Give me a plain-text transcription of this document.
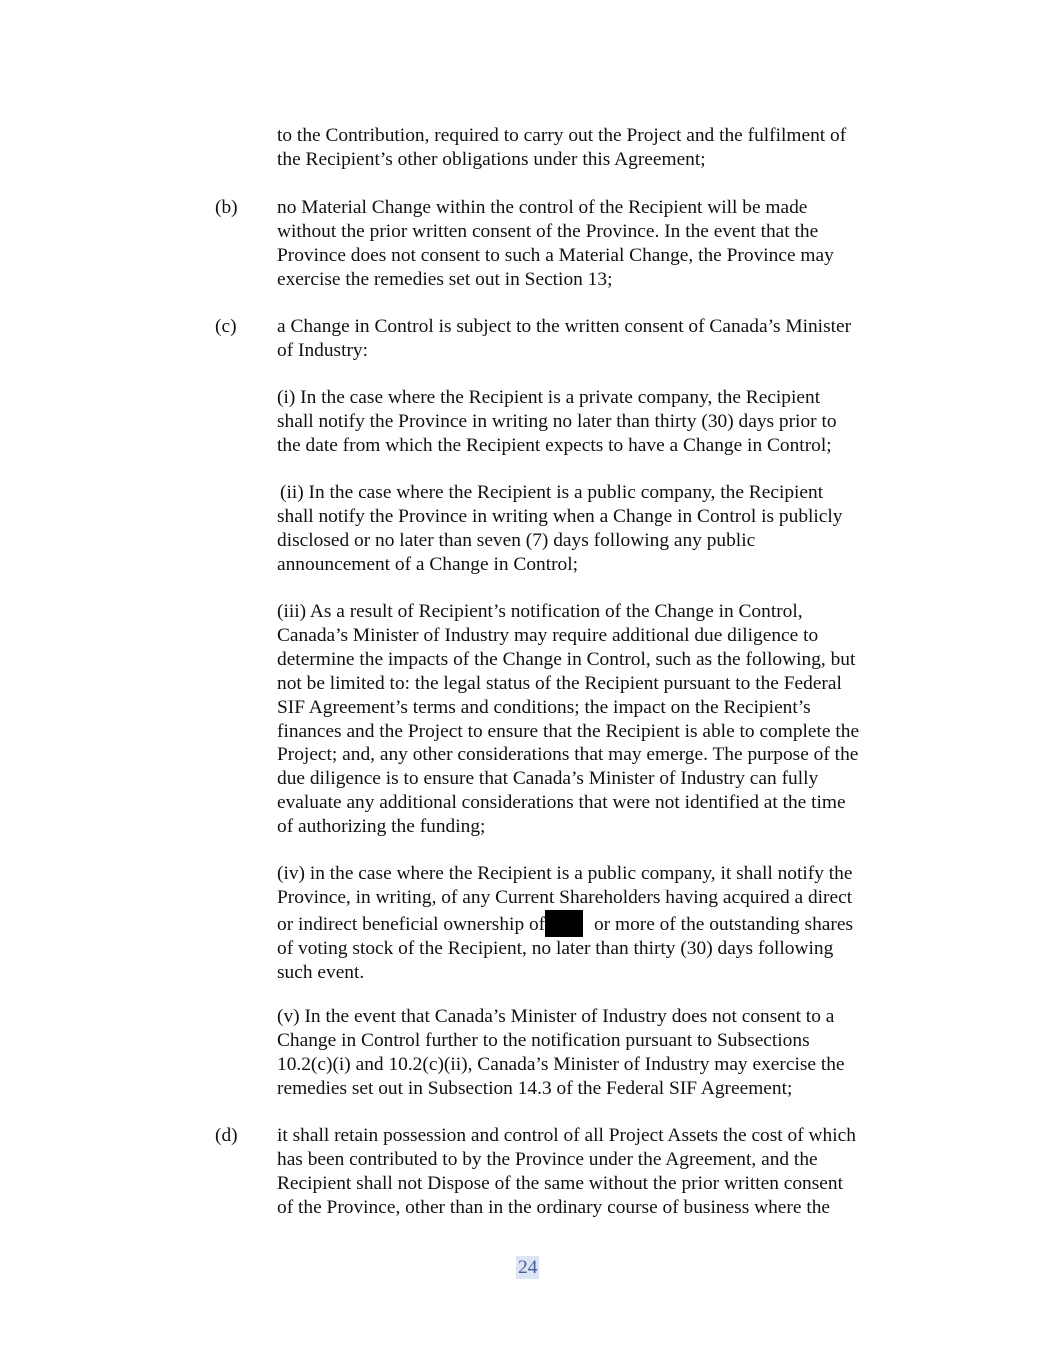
to the Contribution, required to carry out the Project and the fulfilment of
the Recipient’s other obligations under this Agreement;

(b) no Material Change within the control of the Recipient will be made
without the prior written consent of the Province. In the event that the
Province does not consent to such a Material Change, the Province may
exercise the remedies set out in Section 13;

(c) a Change in Control is subject to the written consent of Canada’s Minister
of Industry:

(i) In the case where the Recipient is a private company, the Recipient
shall notify the Province in writing no later than thirty (30) days prior to
the date from which the Recipient expects to have a Change in Control;

(ii) In the case where the Recipient is a public company, the Recipient
shall notify the Province in writing when a Change in Control is publicly
disclosed or no later than seven (7) days following any public
announcement of a Change in Control;

(iii) As a result of Recipient’s notification of the Change in Control,
Canada’s Minister of Industry may require additional due diligence to
determine the impacts of the Change in Control, such as the following, but
not be limited to: the legal status of the Recipient pursuant to the Federal
SIF Agreement’s terms and conditions; the impact on the Recipient’s
finances and the Project to ensure that the Recipient is able to complete the
Project; and, any other considerations that may emerge. The purpose of the
due diligence is to ensure that Canada’s Minister of Industry can fully
evaluate any additional considerations that were not identified at the time
of authorizing the funding;

(iv) in the case where the Recipient is a public company, it shall notify the
Province, in writing, of any Current Shareholders having acquired a direct
or indirect beneficial ownership of or more of the outstanding shares
of voting stock of the Recipient, no later than thirty (30) days following
such event.

(v) In the event that Canada’s Minister of Industry does not consent to a
Change in Control further to the notification pursuant to Subsections
10.2(c)(i) and 10.2(c)(ii), Canada’s Minister of Industry may exercise the
remedies set out in Subsection 14.3 of the Federal SIF Agreement;

(d) it shall retain possession and control of all Project Assets the cost of which
has been contributed to by the Province under the Agreement, and the
Recipient shall not Dispose of the same without the prior written consent
of the Province, other than in the ordinary course of business where the

24
